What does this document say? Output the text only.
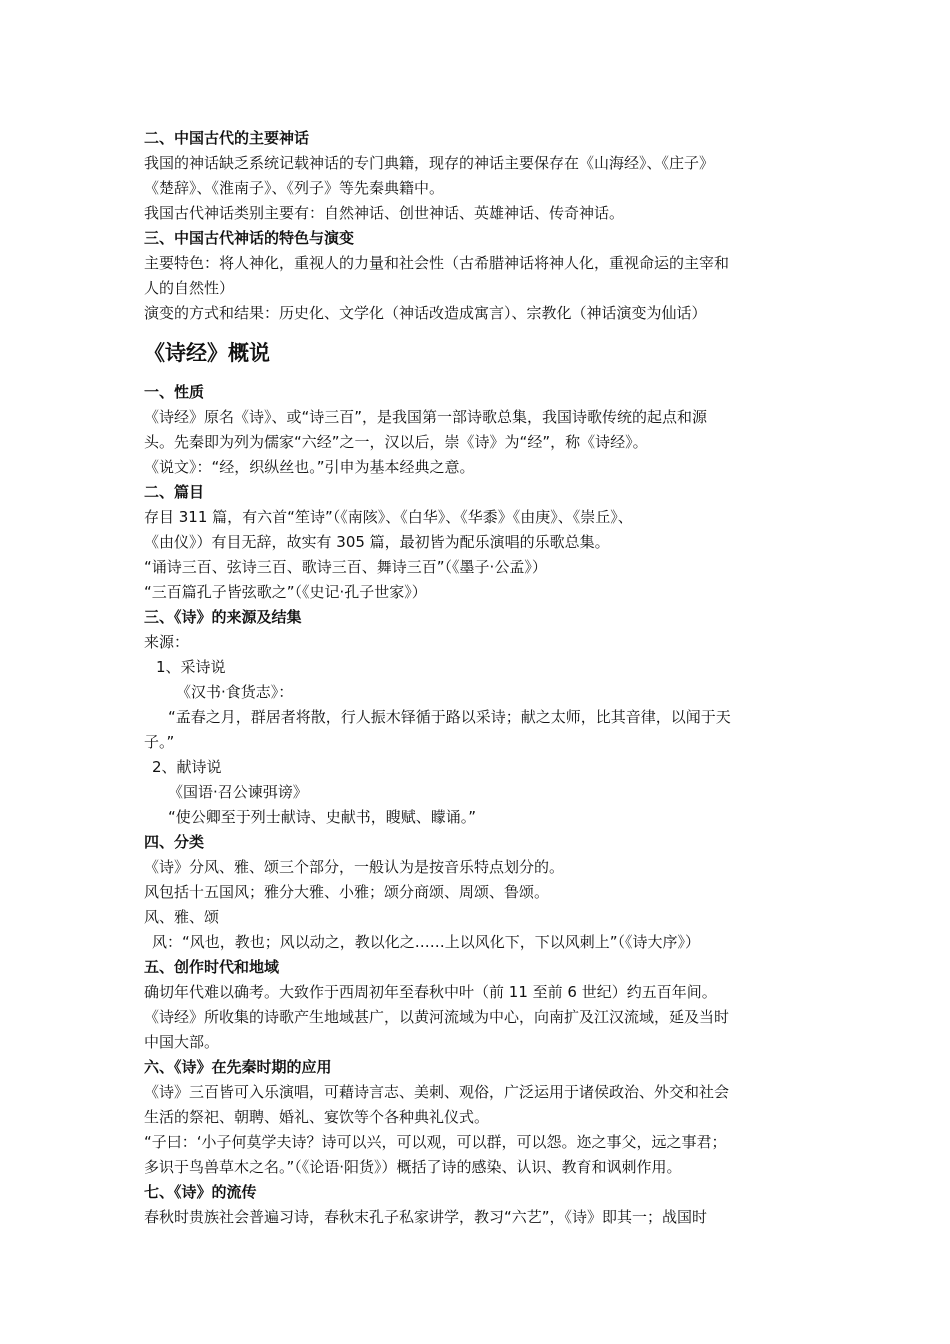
二、中国古代的主要神话
我国的神话缺乏系统记载神话的专门典籍，现存的神话主要保存在《山海经》、《庄子》
《楚辞》、《淮南子》、《列子》等先秦典籍中。
我国古代神话类别主要有：自然神话、创世神话、英雄神话、传奇神话。
三、中国古代神话的特色与演变
主要特色：将人神化，重视人的力量和社会性（古希腊神话将神人化，重视命运的主宰和
人的自然性）
演变的方式和结果：历史化、文学化（神话改造成寓言）、宗教化（神话演变为仙话）
《诗经》概说
一、性质
《诗经》原名《诗》、或“诗三百”，是我国第一部诗歌总集，我国诗歌传统的起点和源
头。先秦即为列为儒家“六经”之一，汉以后，崇《诗》为“经”，称《诗经》。
《说文》：“经，织纵丝也。”引申为基本经典之意。
二、篇目
存目 311 篇，有六首“笙诗”（《南陔》、《白华》、《华黍》《由庚》、《崇丘》、
《由仪》）有目无辞，故实有 305 篇，最初皆为配乐演唱的乐歌总集。
“诵诗三百、弦诗三百、歌诗三百、舞诗三百”（《墨子·公孟》）
“三百篇孔子皆弦歌之”（《史记·孔子世家》）
三、《诗》的来源及结集
来源：
1、采诗说
《汉书·食货志》：
“孟春之月，群居者将散，行人振木铎循于路以采诗；献之太师，比其音律，以闻于天
子。”
2、献诗说
《国语·召公谏弭谤》
“使公卿至于列士献诗、史献书，瞍赋、矇诵。”
四、分类
《诗》分风、雅、颂三个部分，一般认为是按音乐特点划分的。
风包括十五国风；雅分大雅、小雅；颂分商颂、周颂、鲁颂。
风、雅、颂
风：“风也，教也；风以动之，教以化之……上以风化下，下以风刺上”（《诗大序》）
五、创作时代和地域
确切年代难以确考。大致作于西周初年至春秋中叶（前 11 至前 6 世纪）约五百年间。
《诗经》所收集的诗歌产生地域甚广，以黄河流域为中心，向南扩及江汉流域，延及当时
中国大部。
六、《诗》在先秦时期的应用
《诗》三百皆可入乐演唱，可藉诗言志、美刺、观俗，广泛运用于诸侯政治、外交和社会
生活的祭祀、朝聘、婚礼、宴饮等个各种典礼仪式。
“子曰：‘小子何莫学夫诗？诗可以兴，可以观，可以群，可以怨。迩之事父，远之事君；
多识于鸟兽草木之名。”（《论语·阳货》）概括了诗的感染、认识、教育和讽刺作用。
七、《诗》的流传
春秋时贵族社会普遍习诗，春秋末孔子私家讲学，教习“六艺”，《诗》即其一；战国时
